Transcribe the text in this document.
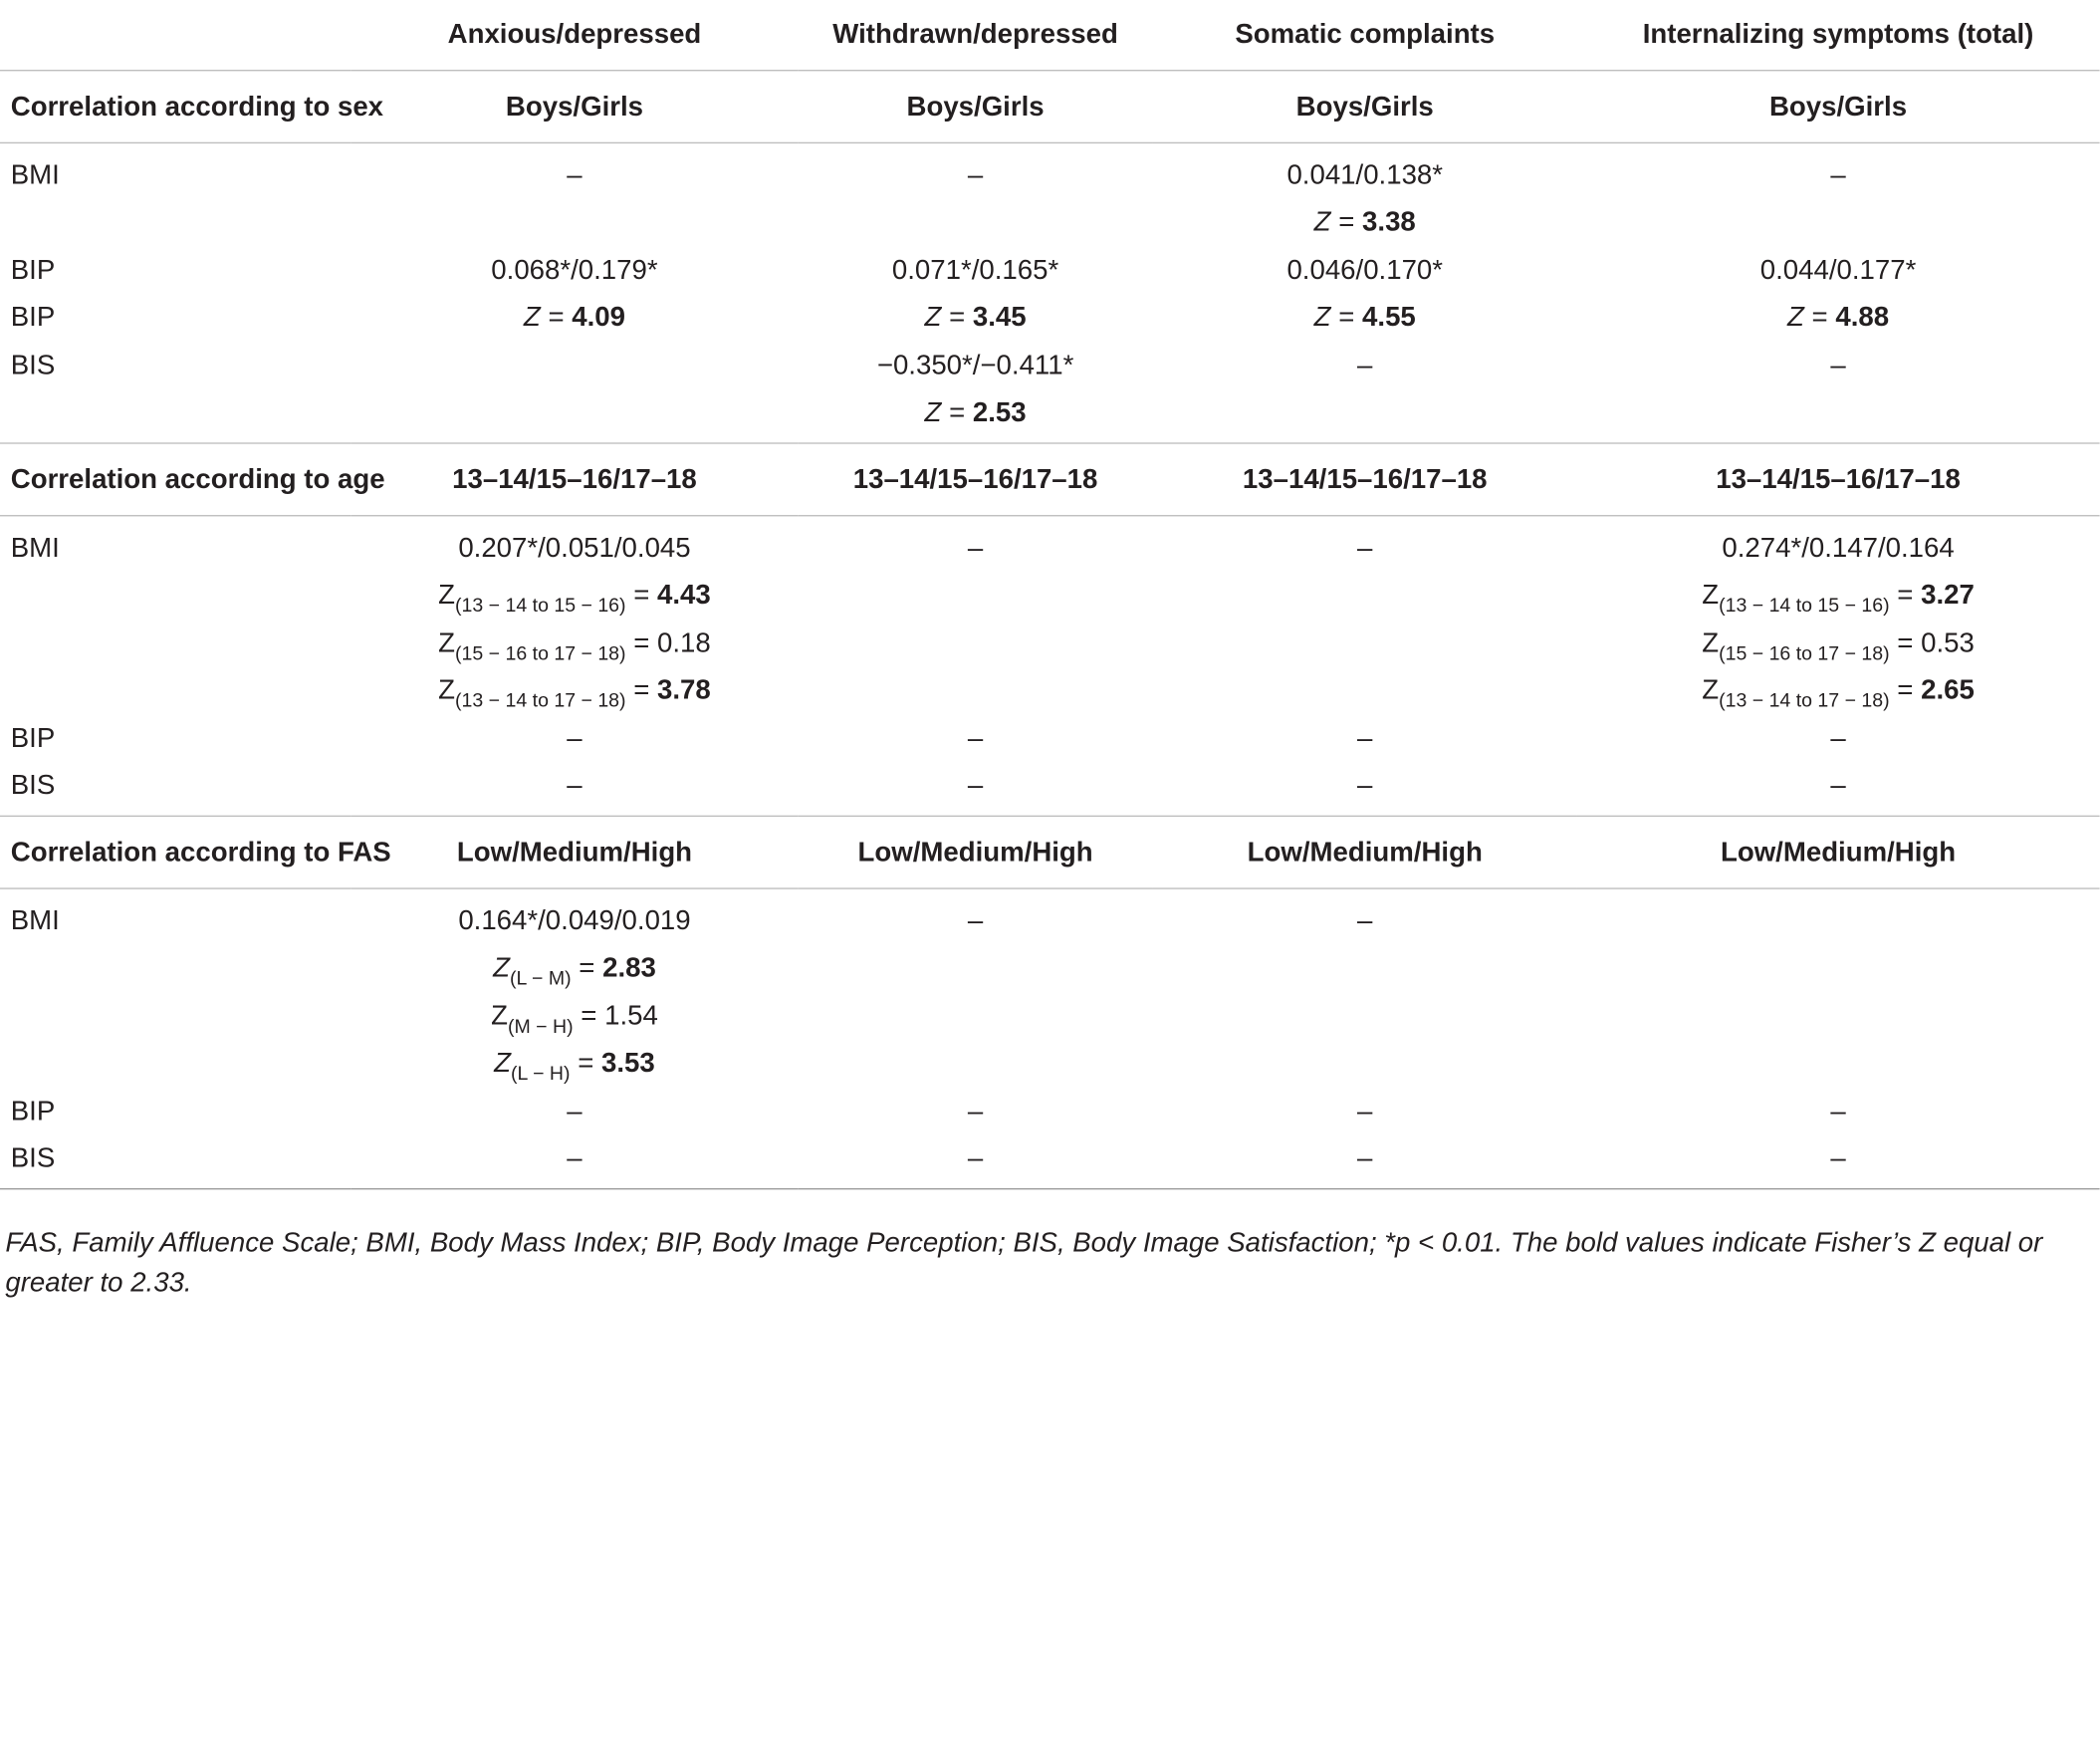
	Anxious/depressed	Withdrawn/depressed	Somatic complaints	Internalizing symptoms (total)
Correlation according to sex	Boys/Girls	Boys/Girls	Boys/Girls	Boys/Girls
BMI	–	–	0.041/0.138*	–
			Z = 3.38	
BIP	0.068*/0.179*	0.071*/0.165*	0.046/0.170*	0.044/0.177*
BIP	Z = 4.09	Z = 3.45	Z = 4.55	Z = 4.88
BIS		−0.350*/−0.411*	–	–
		Z = 2.53		
Correlation according to age	13–14/15–16/17–18	13–14/15–16/17–18	13–14/15–16/17–18	13–14/15–16/17–18
BMI	0.207*/0.051/0.045	–	–	0.274*/0.147/0.164
	$Z_{(13 - 14 to 15 - 16)} = 4.43$			$Z_{(13 - 14 to 15 - 16)} = 3.27$
	$Z_{(15 - 16 to 17 - 18)} = 0.18$			$Z_{(15 - 16 to 17 - 18)} = 0.53$
	$Z_{(13 - 14 to 17 - 18)} = 3.78$			$Z_{(13 - 14 to 17 - 18)} = 2.65$
BIP	–	–	–	–
BIS	–	–	–	–
Correlation according to FAS	Low/Medium/High	Low/Medium/High	Low/Medium/High	Low/Medium/High
BMI	0.164*/0.049/0.019	–	–	
	$Z_{(L - M)} = 2.83$			
	$Z_{(M - H)} = 1.54$			
	$Z_{(L - H)} = 3.53$			
BIP	–	–	–	–
BIS	–	–	–	–
FAS, Family Affluence Scale; BMI, Body Mass Index; BIP, Body Image Perception; BIS, Body Image Satisfaction; *p < 0.01. The bold values indicate Fisher’s Z equal or greater to 2.33.
